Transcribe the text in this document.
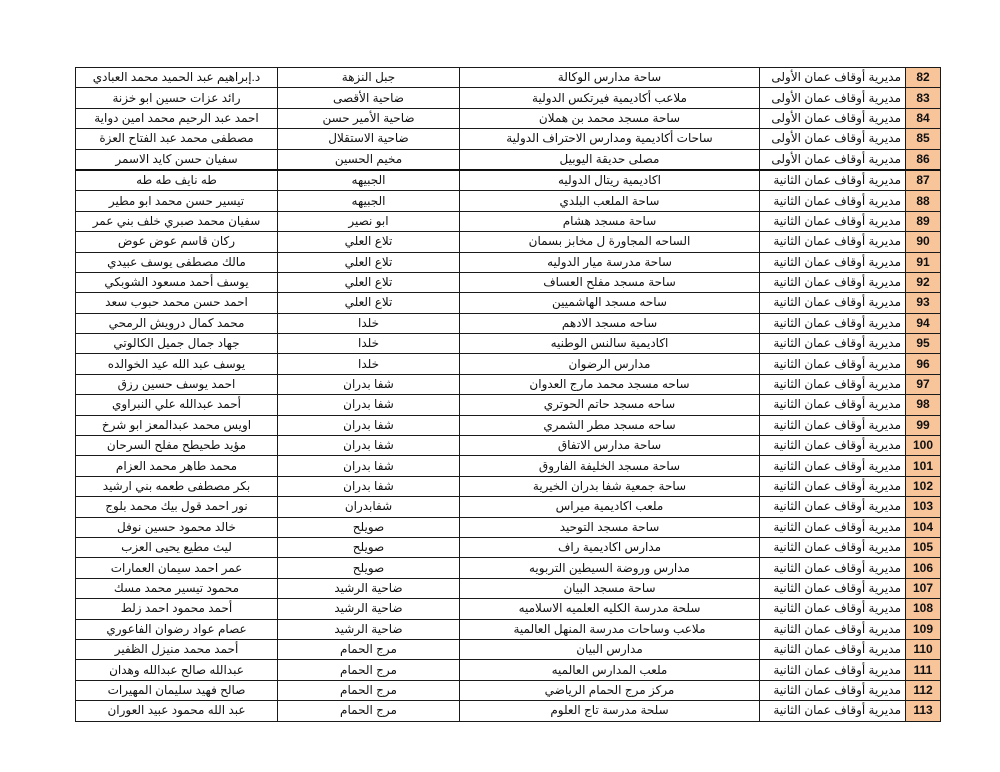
د.إبراهيم عبد الحميد محمد العبادي	جبل النزهة	ساحة مدارس الوكالة	مديرية أوقاف عمان الأولى	82
رائد عزات حسين ابو خزنة	ضاحية الأقصى	ملاعب أكاديمية فيرتكس الدولية	مديرية أوقاف عمان الأولى	83
احمد عبد الرحيم محمد امين دواية	ضاحية الأمير حسن	ساحة مسجد محمد بن هملان	مديرية أوقاف عمان الأولى	84
مصطفى محمد عبد الفتاح العزة	ضاحية الاستقلال	ساحات أكاديمية ومدارس الاحتراف الدولية	مديرية أوقاف عمان الأولى	85
سفيان حسن كايد الاسمر	مخيم الحسين	مصلى حديقة اليوبيل	مديرية أوقاف عمان الأولى	86
طه نايف طه طه	الجبيهه	اكاديمية ريتال الدوليه	مديرية أوقاف عمان الثانية	87
تيسير حسن محمد ابو مطير	الجبيهه	ساحة الملعب البلدي	مديرية أوقاف عمان الثانية	88
سفيان محمد صبري خلف بني عمر	ابو نصير	ساحة مسجد هشام	مديرية أوقاف عمان الثانية	89
ركان قاسم عوض عوض	تلاع العلي	الساحه المجاورة ل مخابز بسمان	مديرية أوقاف عمان الثانية	90
مالك مصطفى يوسف عبيدي	تلاع العلي	ساحة مدرسة ميار الدوليه	مديرية أوقاف عمان الثانية	91
يوسف أحمد مسعود الشوبكي	تلاع العلي	ساحة مسجد مفلح العساف	مديرية أوقاف عمان الثانية	92
احمد حسن محمد حبوب سعد	تلاع العلي	ساحه مسجد الهاشميين	مديرية أوقاف عمان الثانية	93
محمد كمال درويش الرمحي	خلدا	ساحه مسجد الادهم	مديرية أوقاف عمان الثانية	94
جهاد جمال جميل الكالوتي	خلدا	اكاديمية سالنس الوطنيه	مديرية أوقاف عمان الثانية	95
يوسف عبد الله عيد الخوالده	خلدا	مدارس الرضوان	مديرية أوقاف عمان الثانية	96
احمد يوسف حسين رزق	شفا بدران	ساحه مسجد محمد مارج العدوان	مديرية أوقاف عمان الثانية	97
أحمد عبدالله علي النبراوي	شفا بدران	ساحه مسجد حاتم الحوتري	مديرية أوقاف عمان الثانية	98
اويس محمد عبدالمعز ابو شرخ	شفا بدران	ساحه مسجد مطر الشمري	مديرية أوقاف عمان الثانية	99
مؤيد طحيطح مفلح السرحان	شفا بدران	ساحة مدارس الاتفاق	مديرية أوقاف عمان الثانية	100
محمد طاهر محمد العزام	شفا بدران	ساحة مسجد الخليفة الفاروق	مديرية أوقاف عمان الثانية	101
بكر مصطفى طعمه بني ارشيد	شفا بدران	ساحة جمعية شفا بدران الخيرية	مديرية أوقاف عمان الثانية	102
نور احمد قول بيك محمد بلوج	شفابدران	ملعب اكاديمية ميراس	مديرية أوقاف عمان الثانية	103
خالد محمود حسين نوفل	صويلح	ساحة مسجد التوحيد	مديرية أوقاف عمان الثانية	104
ليث مطيع يحيى العزب	صويلح	مدارس اكاديمية راف	مديرية أوقاف عمان الثانية	105
عمر احمد سيمان العمارات	صويلح	مدارس وروضة السيطين التربويه	مديرية أوقاف عمان الثانية	106
محمود تيسير محمد مسك	ضاحية الرشيد	ساحة مسجد البيان	مديرية أوقاف عمان الثانية	107
أحمد محمود احمد زلط	ضاحية الرشيد	سلحة مدرسة الكليه العلميه الاسلاميه	مديرية أوقاف عمان الثانية	108
عصام عواد رضوان الفاعوري	ضاحية الرشيد	ملاعب وساحات مدرسة المنهل العالمية	مديرية أوقاف عمان الثانية	109
أحمد محمد منيزل الظفير	مرج الحمام	مدارس البيان	مديرية أوقاف عمان الثانية	110
عبدالله صالح عبدالله وهدان	مرج الحمام	ملعب المدارس العالميه	مديرية أوقاف عمان الثانية	111
صالح فهيد سليمان المهيرات	مرج الحمام	مركز مرج الحمام الرياضي	مديرية أوقاف عمان الثانية	112
عبد الله محمود عبيد العوران	مرج الحمام	سلحة مدرسة تاج العلوم	مديرية أوقاف عمان الثانية	113
